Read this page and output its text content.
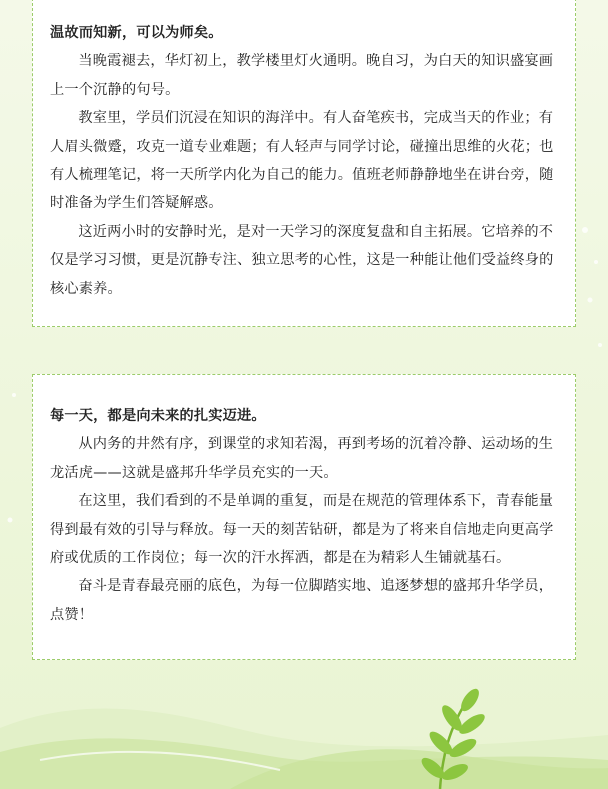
温故而知新，可以为师矣。

当晚霞褪去，华灯初上，教学楼里灯火通明。晚自习，为白天的知识盛宴画上一个沉静的句号。

教室里，学员们沉浸在知识的海洋中。有人奋笔疾书，完成当天的作业；有人眉头微蹙，攻克一道专业难题；有人轻声与同学讨论，碰撞出思维的火花；也有人梳理笔记，将一天所学内化为自己的能力。值班老师静静地坐在讲台旁，随时准备为学生们答疑解惑。

这近两小时的安静时光，是对一天学习的深度复盘和自主拓展。它培养的不仅是学习习惯，更是沉静专注、独立思考的心性，这是一种能让他们受益终身的核心素养。

每一天，都是向未来的扎实迈进。

从内务的井然有序，到课堂的求知若渴，再到考场的沉着冷静、运动场的生龙活虎——这就是盛邦升华学员充实的一天。

在这里，我们看到的不是单调的重复，而是在规范的管理体系下，青春能量得到最有效的引导与释放。每一天的刻苦钻研，都是为了将来自信地走向更高学府或优质的工作岗位；每一次的汗水挥洒，都是在为精彩人生铺就基石。

奋斗是青春最亮丽的底色，为每一位脚踏实地、追逐梦想的盛邦升华学员，点赞！
